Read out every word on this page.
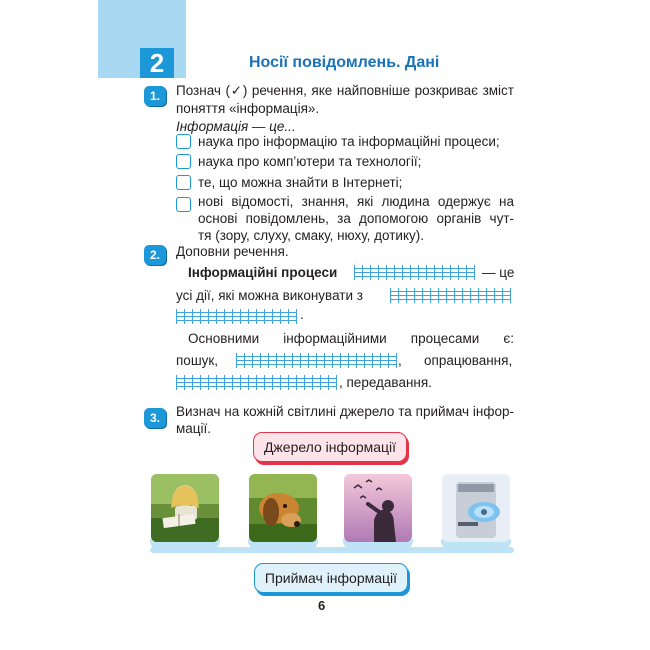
2	Носії повідомлень. Дані
1.	Познач (✓) речення, яке найповніше розкриває зміст
поняття «інформація».
Інформація — це...
наука про інформацію та інформаційні процеси;
наука про комп’ютери та технології;
те, що можна знайти в Інтернеті;
нові відомості, знання, які людина одержує на
основі повідомлень, за допомогою органів чут-
тя (зору, слуху, смаку, нюху, дотику).
2.	Доповни речення.
Інформаційні процеси	— це
усі дії, які можна виконувати з
.
Основними інформаційними процесами є:
пошук,	, опрацювання,
, передавання.
3.	Визнач на кожній світлині джерело та приймач інфор-
мації.
Джерело інформації
Приймач інформації
6
